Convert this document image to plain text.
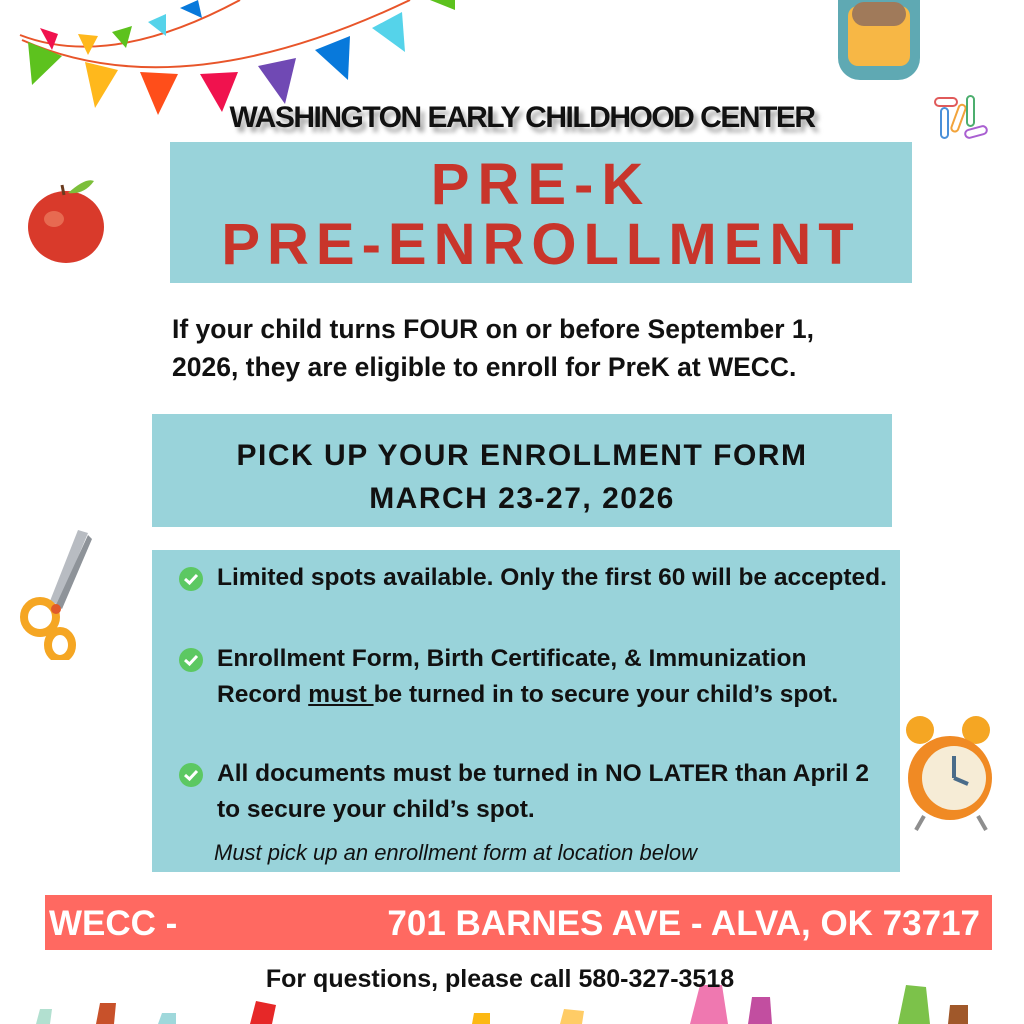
WASHINGTON EARLY CHILDHOOD CENTER
PRE-K
PRE-ENROLLMENT
If your child turns FOUR on or before September 1,
2026, they are eligible to enroll for PreK at WECC.
PICK UP YOUR ENROLLMENT FORM
MARCH 23-27, 2026
Limited spots available. Only the first 60 will be accepted.
Enrollment Form, Birth Certificate, & Immunization Record must be turned in to secure your child’s spot.
All documents must be turned in NO LATER than April 2 to secure your child’s spot.
Must pick up an enrollment form at location below
WECC -	701 BARNES AVE - ALVA, OK 73717
For questions, please call 580-327-3518
